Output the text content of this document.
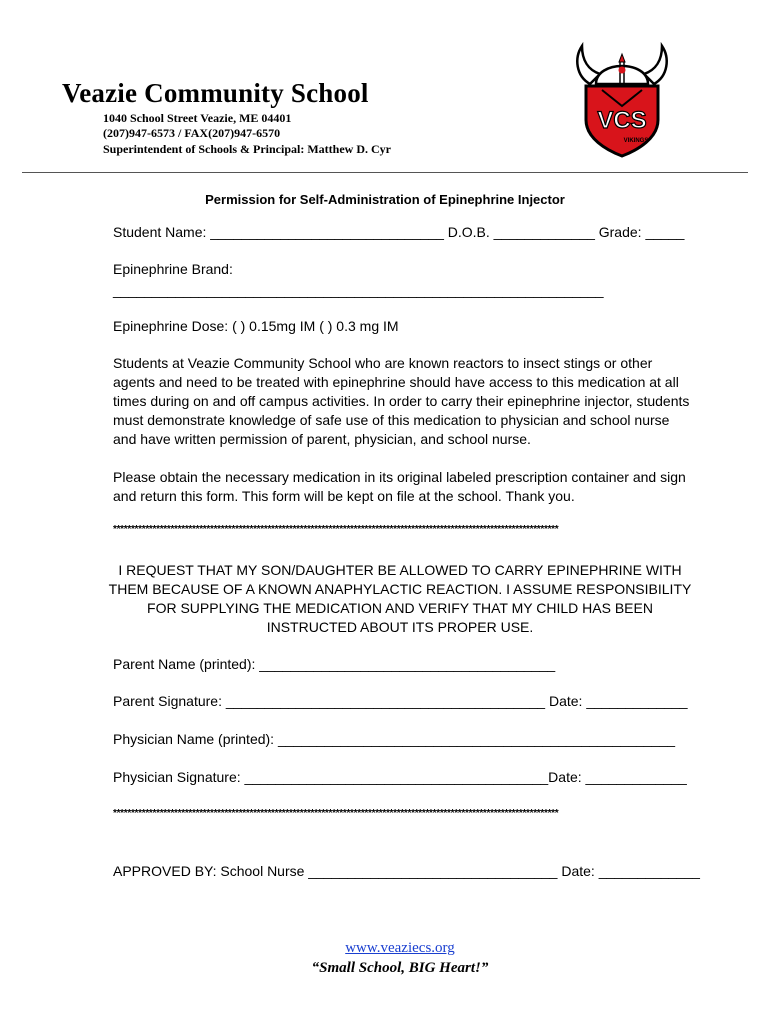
Veazie Community School
1040 School Street Veazie, ME 04401
(207)947-6573 / FAX(207)947-6570
Superintendent of Schools & Principal: Matthew D. Cyr
VCS
VIKINGS
Permission for Self-Administration of Epinephrine Injector
Student Name: ______________________________ D.O.B. _____________ Grade: _____
Epinephrine Brand:
_______________________________________________________________
Epinephrine Dose: ( ) 0.15mg IM ( ) 0.3 mg IM
Students at Veazie Community School who are known reactors to insect stings or other agents and need to be treated with epinephrine should have access to this medication at all times during on and off campus activities. In order to carry their epinephrine injector, students must demonstrate knowledge of safe use of this medication to physician and school nurse and have written permission of parent, physician, and school nurse.
Please obtain the necessary medication in its original labeled prescription container and sign and return this form. This form will be kept on file at the school. Thank you.
****************************************************************************************************************************
I REQUEST THAT MY SON/DAUGHTER BE ALLOWED TO CARRY EPINEPHRINE WITH THEM BECAUSE OF A KNOWN ANAPHYLACTIC REACTION. I ASSUME RESPONSIBILITY FOR SUPPLYING THE MEDICATION AND VERIFY THAT MY CHILD HAS BEEN INSTRUCTED ABOUT ITS PROPER USE.
Parent Name (printed): ______________________________________
Parent Signature: _________________________________________ Date: _____________
Physician Name (printed): ___________________________________________________
Physician Signature: _______________________________________Date: _____________
****************************************************************************************************************************
APPROVED BY: School Nurse ________________________________ Date: _____________
www.veaziecs.org
“Small School, BIG Heart!”
